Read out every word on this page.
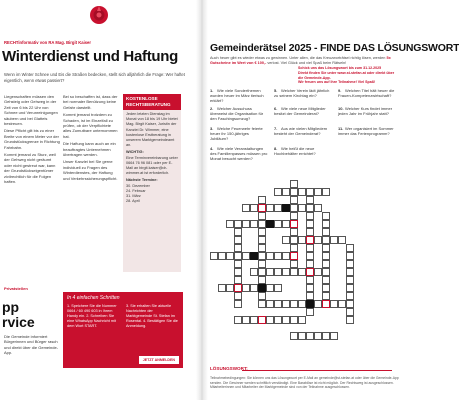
RECHTinformativ von RA Mag. Birgit Kaiser
Winterdienst und Haftung
Wenn im Winter Schnee und Eis die Straßen bedecken, stellt sich alljährlich die Frage: Wer haftet eigentlich, wenn etwas passiert?

Liegenschaften müssen den Gehsteig oder Gehweg in der Zeit von 6 bis 22 Uhr von Schnee und Verunreinigungen säubern und bei Glatteis bestreuen.

Diese Pflicht gilt bis zu einer Breite von einem Meter vor der Grundstücksgrenze in Richtung Fahrbahn.

Kommt jemand zu Sturz, weil der Gehweg nicht geräumt oder nicht gestreut war, kann der Grundstückseigentümer zivilrechtlich für die Folgen haften.

Bei so beschaffen ist, dass der bei normaler Benützung keine Gefahr darstellt.

Kommt jemand trotzdem zu Schaden, ist im Einzelfall zu prüfen, ob der Verpflichtete alles Zumutbare unternommen hat.

Die Haftung kann auch an ein beauftragtes Unternehmen übertragen werden.

Unser Kanzlei bei Sie gerne individuell zu Fragen des Winterdienstes, der Haftung und Verkehrssicherungspflicht.

KOSTENLOSE RECHTSBERATUNG
Jeden letzten Dienstag im Monat von 18 bis 19 Uhr bietet Mag. Birgit Kaiser, Juristin der Kanzlei Dr. Wimmer, eine kostenlose Erstberatung in unserem Marktgemeindeamt an.
WICHTIG:
Eine Terminvereinbarung unter 0664 76 96 081 oder per E-Mail an birgit.kaiser@dr-wimmer.at ist erforderlich.
Nächste Termine:
30. Dezember
24. Februar
31. März
28. April
Privatstellen
pp
rvice
Die Gemeinde informiert Bürgerinnen und Bürger rasch und direkt über die Gemeinde-App.
In 4 einfachen Schritten
1. Speichere Sie die Nummer 0664 / 60 490 603 in Ihrem Handy ein. 2. Schreiben Sie eine WhatsApp Nachricht mit dem Wort START.
3. Sie erhalten Sie aktuelle Nachrichten der Marktgemeinde St. Stefan im Rosental. 4. Bestätigen Sie die Anmeldung.
JETZT ANMELDEN
Gemeinderätsel 2025 - FINDE DAS LÖSUNGSWORT
Auch heuer gibt es wieder etwas zu gewinnen. Unter allen, die das Kreuzworträtsel richtig lösen, werden 5x Gutscheine im Wert von € 100,- verlost. Viel Glück und viel Spaß beim Rätseln!
Schick uns das Lösungswort bis zum 31.12.2025
Direkt finden Sie unter www.st-stefan.at oder direkt über die Gemeinde-App.
Wir freuen uns auf Ihre Teilnahme! Viel Spaß!
1. Wie viele Sonderthemen wurden heuer im März tierisch erklärt?
2. Welcher Ausschuss überweist die Organisation für den Faschingsumzug?
3. Welche Feuerwehr feierte heuer ihr 150-jähriges Jubiläum?
4. Wie viele Veranstaltungen des Familienpasses müssen pro Monat besucht werden?
5. Welcher Verein lädt jährlich zu seinem Kirchtag ein?
6. Wie viele neue Mitglieder besitzt der Gemeinderat?
7. Aus wie vielen Mitgliedern besteht der Gemeinderat?
8. Wie heißt die neue Hochbehälter errichtet?
9. Welchen Titel hält heuer die Frauen-Kompetenzwirtschaft?
10.Welcher Kurs findet immer jeden Jahr im Frühjahr statt?
11. Wer organisiert im Sommer immer das Ferienprogramm?
LÖSUNGSWORT:
Teilnahmebedingungen: Sie können uns das Lösungswort per E-Mail an gemeinde@st-stefan.at oder über die Gemeinde-App senden. Die Gewinner werden schriftlich verständigt. Eine Barablöse ist nicht möglich. Der Rechtsweg ist ausgeschlossen. Mitarbeiterinnen und Mitarbeiter der Marktgemeinde sind von der Teilnahme ausgeschlossen.
